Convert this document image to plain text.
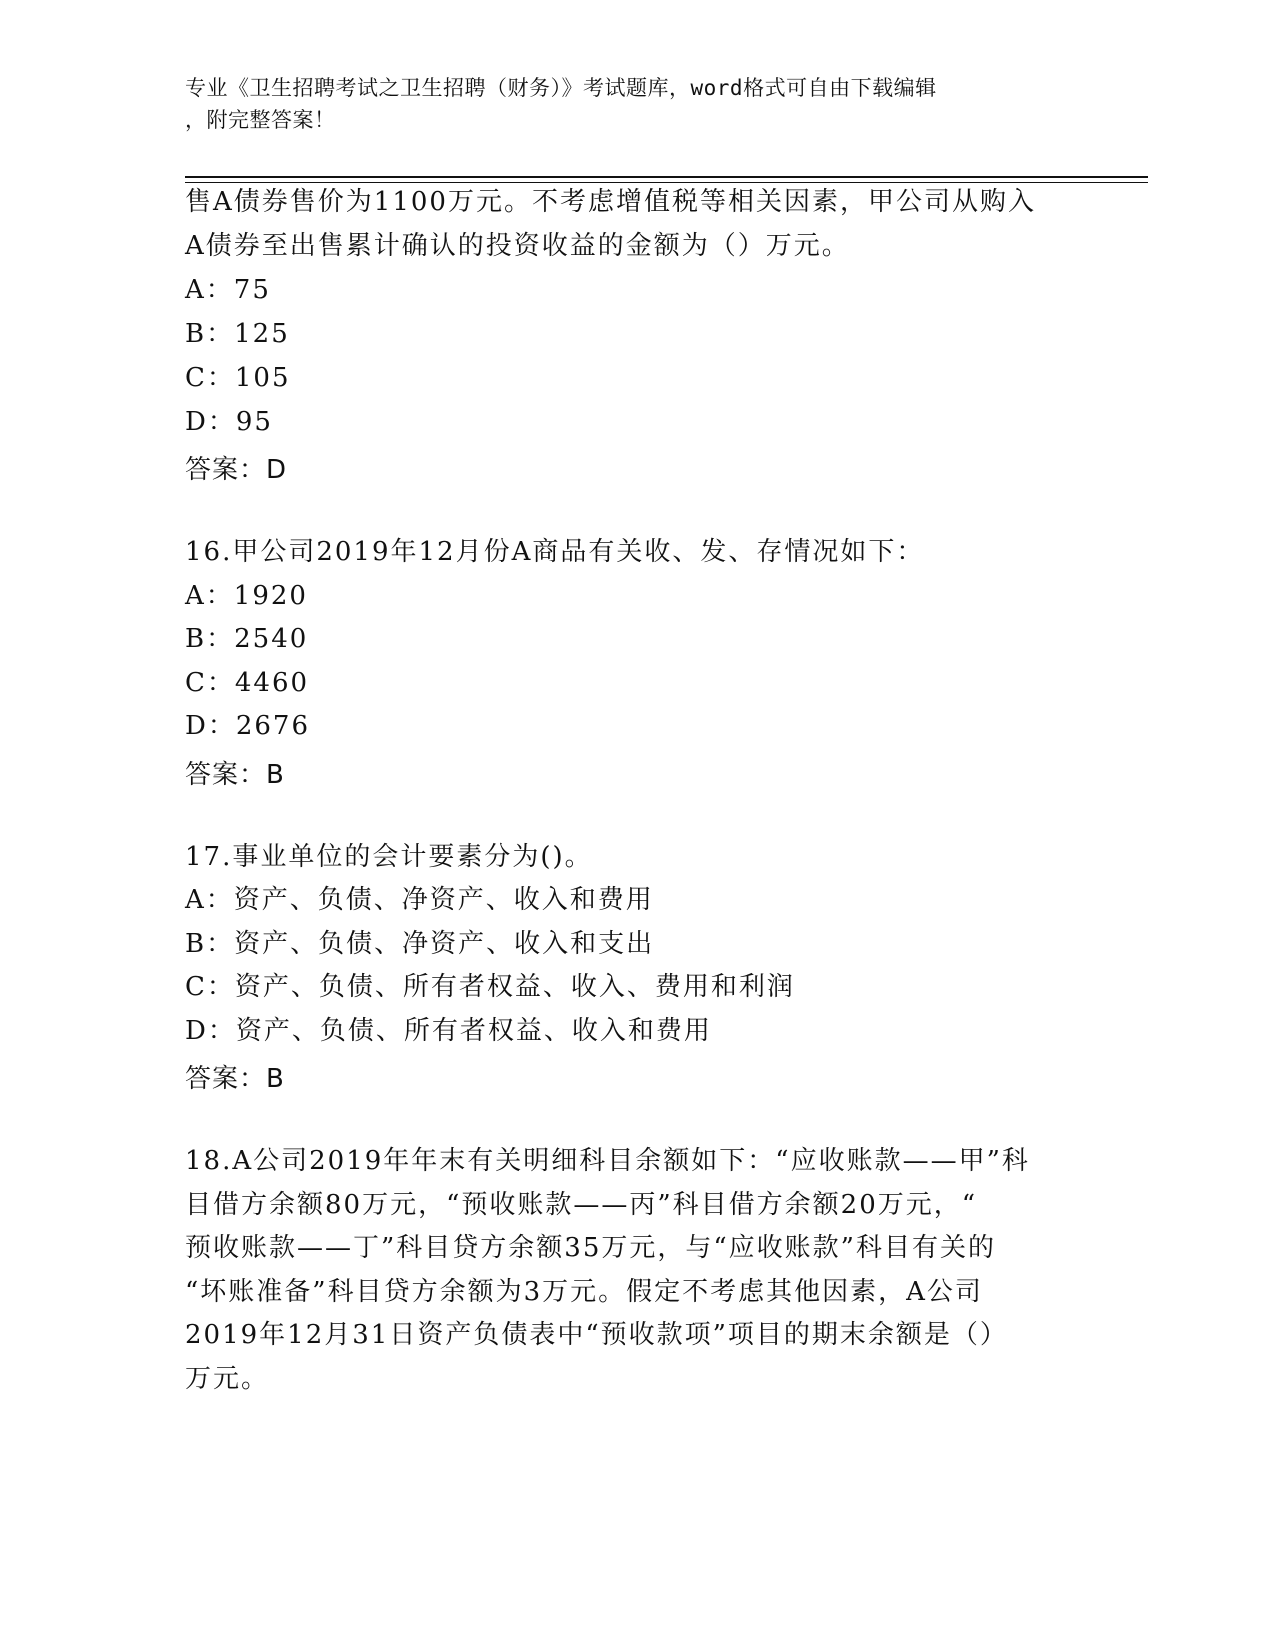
专业《卫生招聘考试之卫生招聘（财务）》考试题库，word格式可自由下载编辑
，附完整答案！

售A债券售价为1100万元。不考虑增值税等相关因素，甲公司从购入

A债券至出售累计确认的投资收益的金额为（）万元。

A：75

B：125

C：105

D：95

答案：D

16.甲公司2019年12月份A商品有关收、发、存情况如下：

A：1920

B：2540

C：4460

D：2676

答案：B

17.事业单位的会计要素分为()。

A：资产、负债、净资产、收入和费用

B：资产、负债、净资产、收入和支出

C：资产、负债、所有者权益、收入、费用和利润

D：资产、负债、所有者权益、收入和费用

答案：B

18.A公司2019年年末有关明细科目余额如下：“应收账款——甲”科

目借方余额80万元，“预收账款——丙”科目借方余额20万元，“

预收账款——丁”科目贷方余额35万元，与“应收账款”科目有关的

“坏账准备”科目贷方余额为3万元。假定不考虑其他因素，A公司

2019年12月31日资产负债表中“预收款项”项目的期末余额是（）

万元。
